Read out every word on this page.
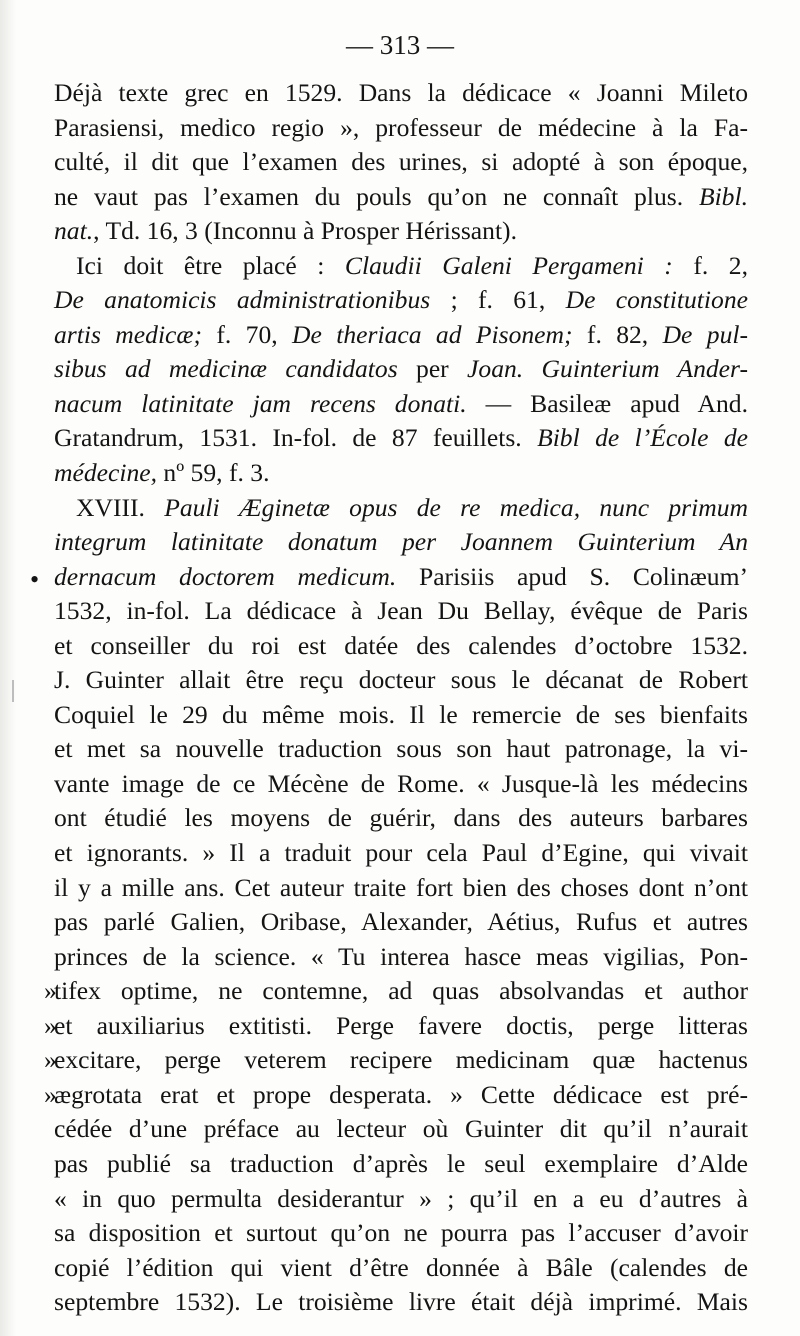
— 313 —
•
Déjà texte grec en 1529. Dans la dédicace « Joanni Mileto
Parasiensi, medico regio », professeur de médecine à la Fa-
culté, il dit que l’examen des urines, si adopté à son époque,
ne vaut pas l’examen du pouls qu’on ne connaît plus. Bibl.
nat., Td. 16, 3 (Inconnu à Prosper Hérissant).
Ici doit être placé : Claudii Galeni Pergameni : f. 2,
De anatomicis administrationibus ; f. 61, De constitutione
artis medicæ; f. 70, De theriaca ad Pisonem; f. 82, De pul-
sibus ad medicinæ candidatos per Joan. Guinterium Ander-
nacum latinitate jam recens donati. — Basileæ apud And.
Gratandrum, 1531. In-fol. de 87 feuillets. Bibl de l’École de
médecine, nº 59, f. 3.
XVIII. Pauli Æginetæ opus de re medica, nunc primum
integrum latinitate donatum per Joannem Guinterium An
dernacum doctorem medicum. Parisiis apud S. Colinæum’
1532, in-fol. La dédicace à Jean Du Bellay, évêque de Paris
et conseiller du roi est datée des calendes d’octobre 1532.
J. Guinter allait être reçu docteur sous le décanat de Robert
Coquiel le 29 du même mois. Il le remercie de ses bienfaits
et met sa nouvelle traduction sous son haut patronage, la vi-
vante image de ce Mécène de Rome. « Jusque-là les médecins
ont étudié les moyens de guérir, dans des auteurs barbares
et ignorants. » Il a traduit pour cela Paul d’Egine, qui vivait
il y a mille ans. Cet auteur traite fort bien des choses dont n’ont
pas parlé Galien, Oribase, Alexander, Aétius, Rufus et autres
princes de la science. « Tu interea hasce meas vigilias, Pon-
»
tifex optime, ne contemne, ad quas absolvandas et author
»
et auxiliarius extitisti. Perge favere doctis, perge litteras
»
excitare, perge veterem recipere medicinam quæ hactenus
»
ægrotata erat et prope desperata. » Cette dédicace est pré-
cédée d’une préface au lecteur où Guinter dit qu’il n’aurait
pas publié sa traduction d’après le seul exemplaire d’Alde
« in quo permulta desiderantur » ; qu’il en a eu d’autres à
sa disposition et surtout qu’on ne pourra pas l’accuser d’avoir
copié l’édition qui vient d’être donnée à Bâle (calendes de
septembre 1532). Le troisième livre était déjà imprimé. Mais
